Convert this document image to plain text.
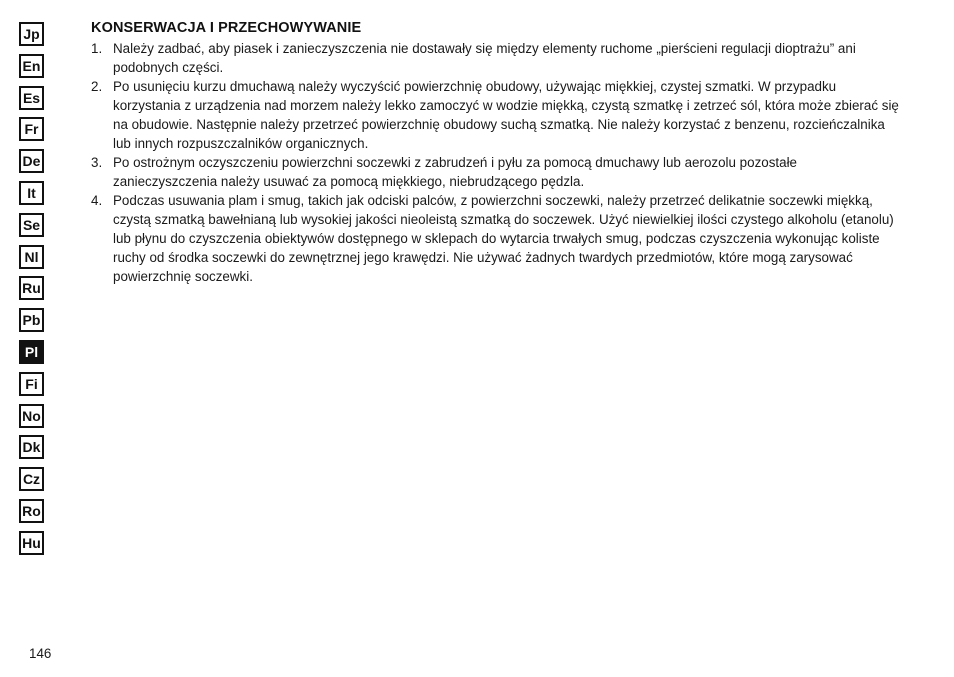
Jp
En
Es
Fr
De
It
Se
Nl
Ru
Pb
Pl
Fi
No
Dk
Cz
Ro
Hu
KONSERWACJA I PRZECHOWYWANIE
1. Należy zadbać, aby piasek i zanieczyszczenia nie dostawały się między elementy ruchome „pierścieni regulacji dioptrażu” ani podobnych części.
2. Po usunięciu kurzu dmuchawą należy wyczyścić powierzchnię obudowy, używając miękkiej, czystej szmatki. W przypadku korzystania z urządzenia nad morzem należy lekko zamoczyć w wodzie miękką, czystą szmatkę i zetrzeć sól, która może zbierać się na obudowie. Następnie należy przetrzeć powierzchnię obudowy suchą szmatką. Nie należy korzystać z benzenu, rozcieńczalnika lub innych rozpuszczalników organicznych.
3. Po ostrożnym oczyszczeniu powierzchni soczewki z zabrudzeń i pyłu za pomocą dmuchawy lub aerozolu pozostałe zanieczyszczenia należy usuwać za pomocą miękkiego, niebrudzącego pędzla.
4. Podczas usuwania plam i smug, takich jak odciski palców, z powierzchni soczewki, należy przetrzeć delikatnie soczewki miękką, czystą szmatką bawełnianą lub wysokiej jakości nieoleistą szmatką do soczewek. Użyć niewielkiej ilości czystego alkoholu (etanolu) lub płynu do czyszczenia obiektywów dostępnego w sklepach do wytarcia trwałych smug, podczas czyszczenia wykonując koliste ruchy od środka soczewki do zewnętrznej jego krawędzi. Nie używać żadnych twardych przedmiotów, które mogą zarysować powierzchnię soczewki.
146
